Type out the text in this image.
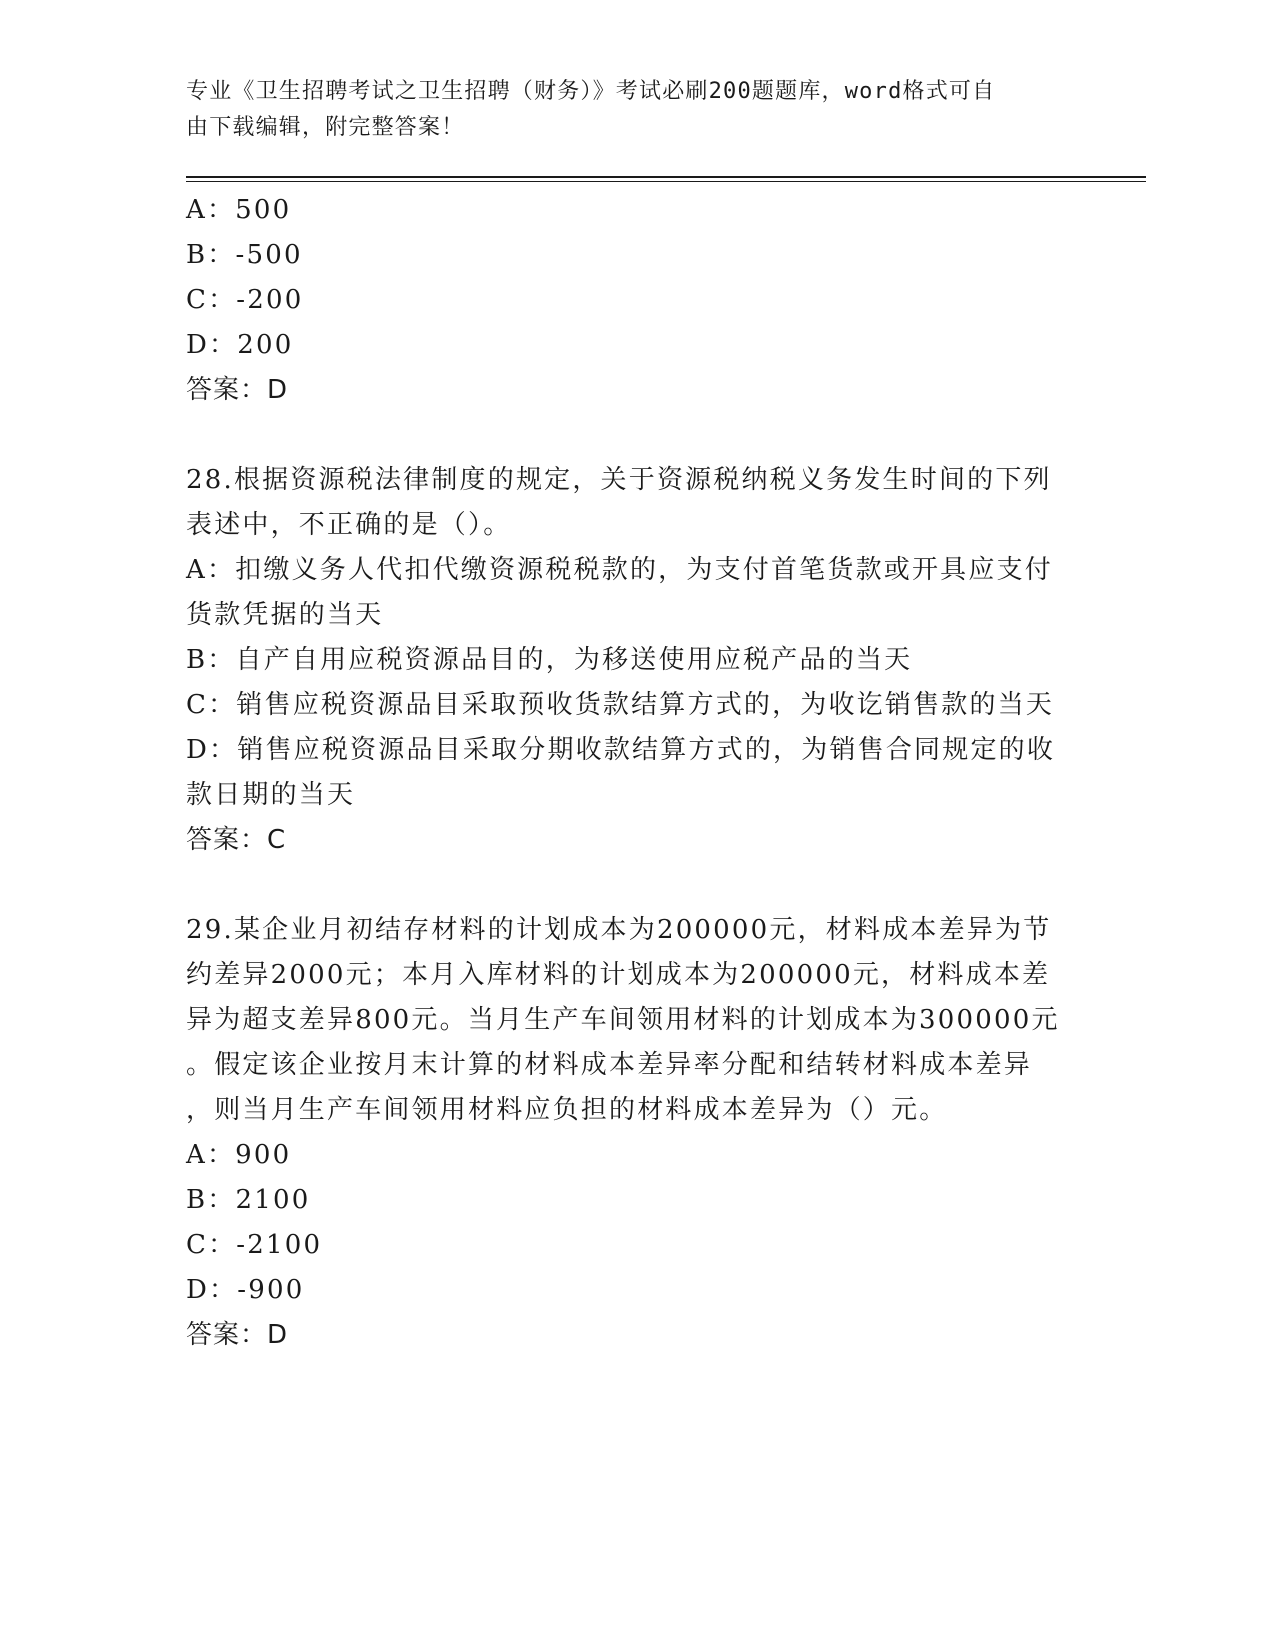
专业《卫生招聘考试之卫生招聘（财务）》考试必刷200题题库，word格式可自
由下载编辑，附完整答案！
A：500
B：-500
C：-200
D：200
答案：D
28.根据资源税法律制度的规定，关于资源税纳税义务发生时间的下列
表述中，不正确的是（）。
A：扣缴义务人代扣代缴资源税税款的，为支付首笔货款或开具应支付
货款凭据的当天
B：自产自用应税资源品目的，为移送使用应税产品的当天
C：销售应税资源品目采取预收货款结算方式的，为收讫销售款的当天
D：销售应税资源品目采取分期收款结算方式的，为销售合同规定的收
款日期的当天
答案：C
29.某企业月初结存材料的计划成本为200000元，材料成本差异为节
约差异2000元；本月入库材料的计划成本为200000元，材料成本差
异为超支差异800元。当月生产车间领用材料的计划成本为300000元
。假定该企业按月末计算的材料成本差异率分配和结转材料成本差异
，则当月生产车间领用材料应负担的材料成本差异为（）元。
A：900
B：2100
C：-2100
D：-900
答案：D
